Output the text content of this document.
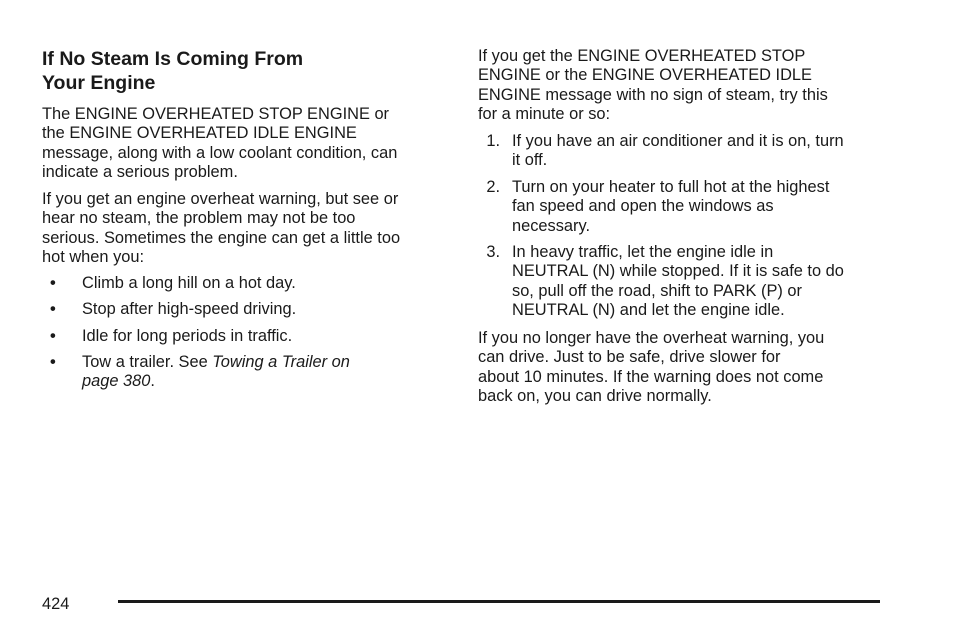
If No Steam Is Coming From
Your Engine
The ENGINE OVERHEATED STOP ENGINE or
the ENGINE OVERHEATED IDLE ENGINE
message, along with a low coolant condition, can
indicate a serious problem.
If you get an engine overheat warning, but see or
hear no steam, the problem may not be too
serious. Sometimes the engine can get a little too
hot when you:
• Climb a long hill on a hot day.
• Stop after high-speed driving.
• Idle for long periods in traffic.
• Tow a trailer. See Towing a Trailer on
page 380.
If you get the ENGINE OVERHEATED STOP
ENGINE or the ENGINE OVERHEATED IDLE
ENGINE message with no sign of steam, try this
for a minute or so:
1. If you have an air conditioner and it is on, turn
it off.
2. Turn on your heater to full hot at the highest
fan speed and open the windows as
necessary.
3. In heavy traffic, let the engine idle in
NEUTRAL (N) while stopped. If it is safe to do
so, pull off the road, shift to PARK (P) or
NEUTRAL (N) and let the engine idle.
If you no longer have the overheat warning, you
can drive. Just to be safe, drive slower for
about 10 minutes. If the warning does not come
back on, you can drive normally.
424
